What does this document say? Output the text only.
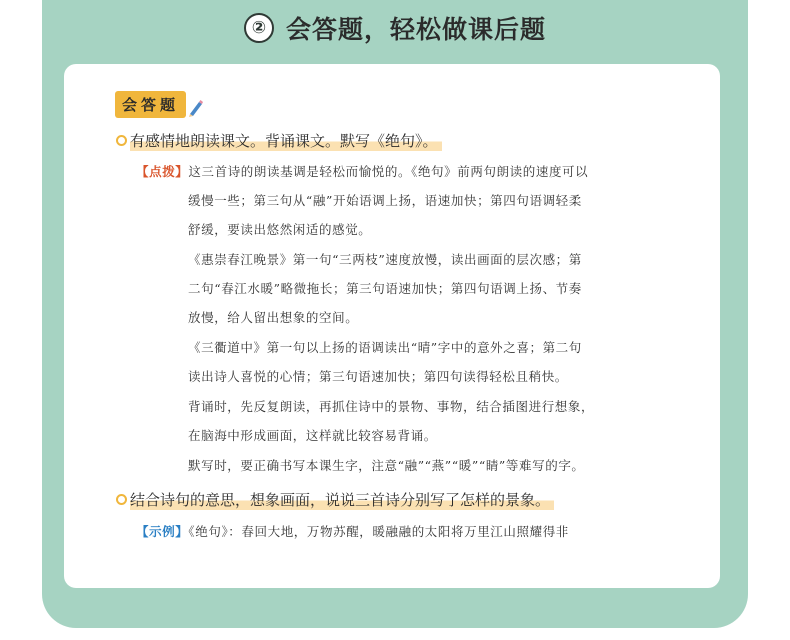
② 会答题，轻松做课后题
会答题
有感情地朗读课文。背诵课文。默写《绝句》。
【点拨】这三首诗的朗读基调是轻松而愉悦的。《绝句》前两句朗读的速度可以
缓慢一些；第三句从“融”开始语调上扬，语速加快；第四句语调轻柔
舒缓，要读出悠然闲适的感觉。
《惠崇春江晚景》第一句“三两枝”速度放慢，读出画面的层次感；第
二句“春江水暖”略微拖长；第三句语速加快；第四句语调上扬、节奏
放慢，给人留出想象的空间。
《三衢道中》第一句以上扬的语调读出“晴”字中的意外之喜；第二句
读出诗人喜悦的心情；第三句语速加快；第四句读得轻松且稍快。
背诵时，先反复朗读，再抓住诗中的景物、事物，结合插图进行想象，
在脑海中形成画面，这样就比较容易背诵。
默写时，要正确书写本课生字，注意“融”“燕”“暖”“睛”等难写的字。
结合诗句的意思，想象画面，说说三首诗分别写了怎样的景象。
【示例】《绝句》：春回大地，万物苏醒，暖融融的太阳将万里江山照耀得非
